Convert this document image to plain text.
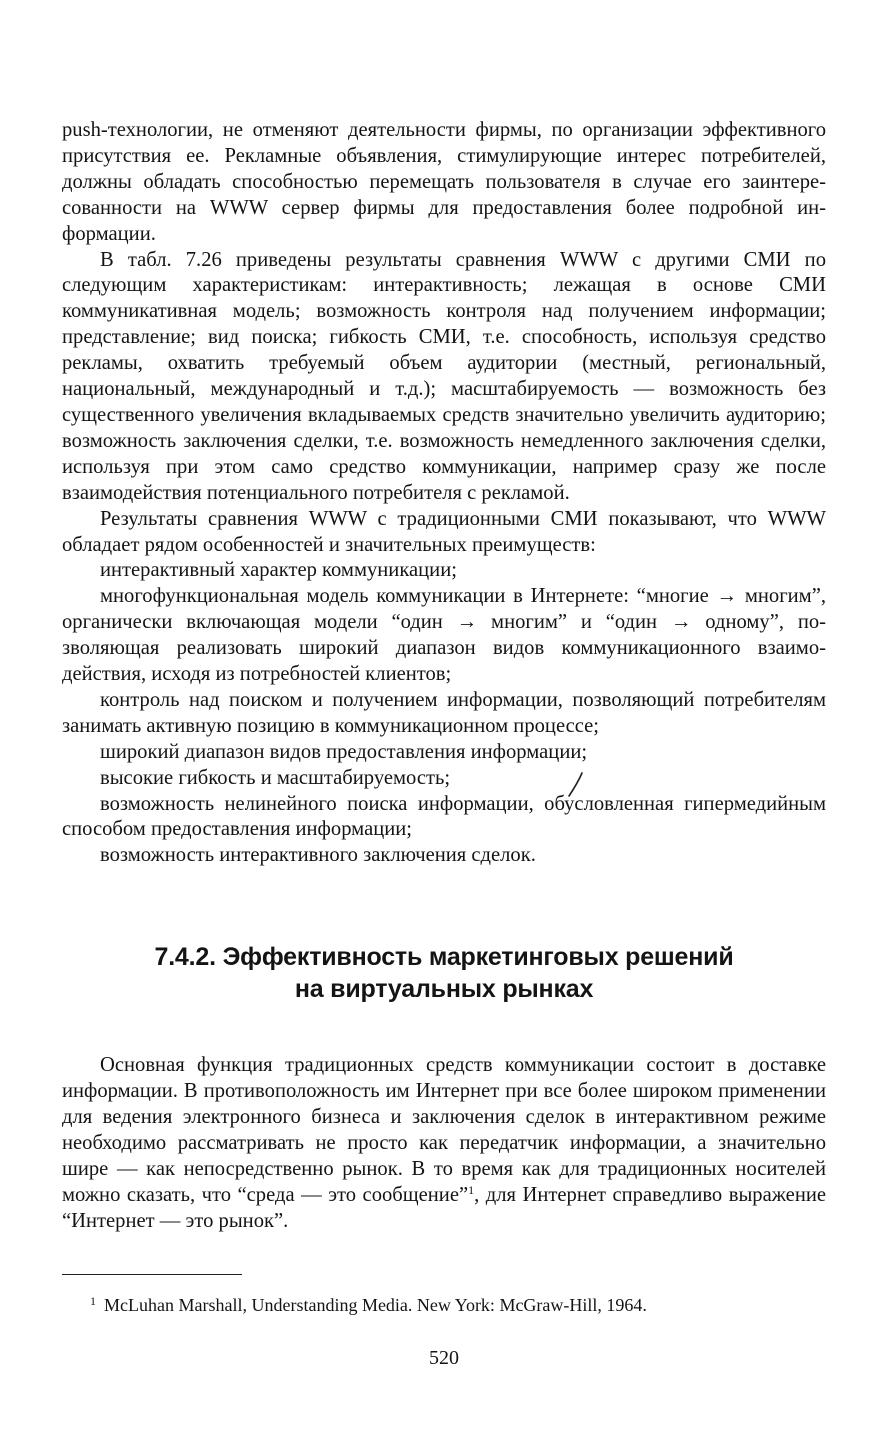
push-технологии, не отменяют деятельности фирмы, по организации эффективного присутствия ее. Рекламные объявления, стимулирующие интерес потребителей, должны обладать способностью перемещать пользователя в случае его заинтересованности на WWW сервер фирмы для предоставления более подробной информации.

В табл. 7.26 приведены результаты сравнения WWW с другими СМИ по следующим характеристикам: интерактивность; лежащая в основе СМИ коммуникативная модель; возможность контроля над получением информации; представление; вид поиска; гибкость СМИ, т.е. способность, используя средство рекламы, охватить требуемый объем аудитории (местный, региональный, национальный, международный и т.д.); масштабируемость — возможность без существенного увеличения вкладываемых средств значительно увеличить аудиторию; возможность заключения сделки, т.е. возможность немедленного заключения сделки, используя при этом само средство коммуникации, например сразу же после взаимодействия потенциального потребителя с рекламой.

Результаты сравнения WWW с традиционными СМИ показывают, что WWW обладает рядом особенностей и значительных преимуществ:

интерактивный характер коммуникации;
многофункциональная модель коммуникации в Интернете: “многие → многим”, органически включающая модели “один → многим” и “один → одному”, позволяющая реализовать широкий диапазон видов коммуникационного взаимодействия, исходя из потребностей клиентов;
контроль над поиском и получением информации, позволяющий потребителям занимать активную позицию в коммуникационном процессе;
широкий диапазон видов предоставления информации;
высокие гибкость и масштабируемость;
возможность нелинейного поиска информации, обусловленная гипермедийным способом предоставления информации;
возможность интерактивного заключения сделок.
7.4.2. Эффективность маркетинговых решений
на виртуальных рынках

Основная функция традиционных средств коммуникации состоит в доставке информации. В противоположность им Интернет при все более широком применении для ведения электронного бизнеса и заключения сделок в интерактивном режиме необходимо рассматривать не просто как передатчик информации, а значительно шире — как непосредственно рынок. В то время как для традиционных носителей можно сказать, что “среда — это сообщение”$^1$, для Интернет справедливо выражение “Интернет — это рынок”.

1 McLuhan Marshall, Understanding Media. New York: McGraw-Hill, 1964.
520
